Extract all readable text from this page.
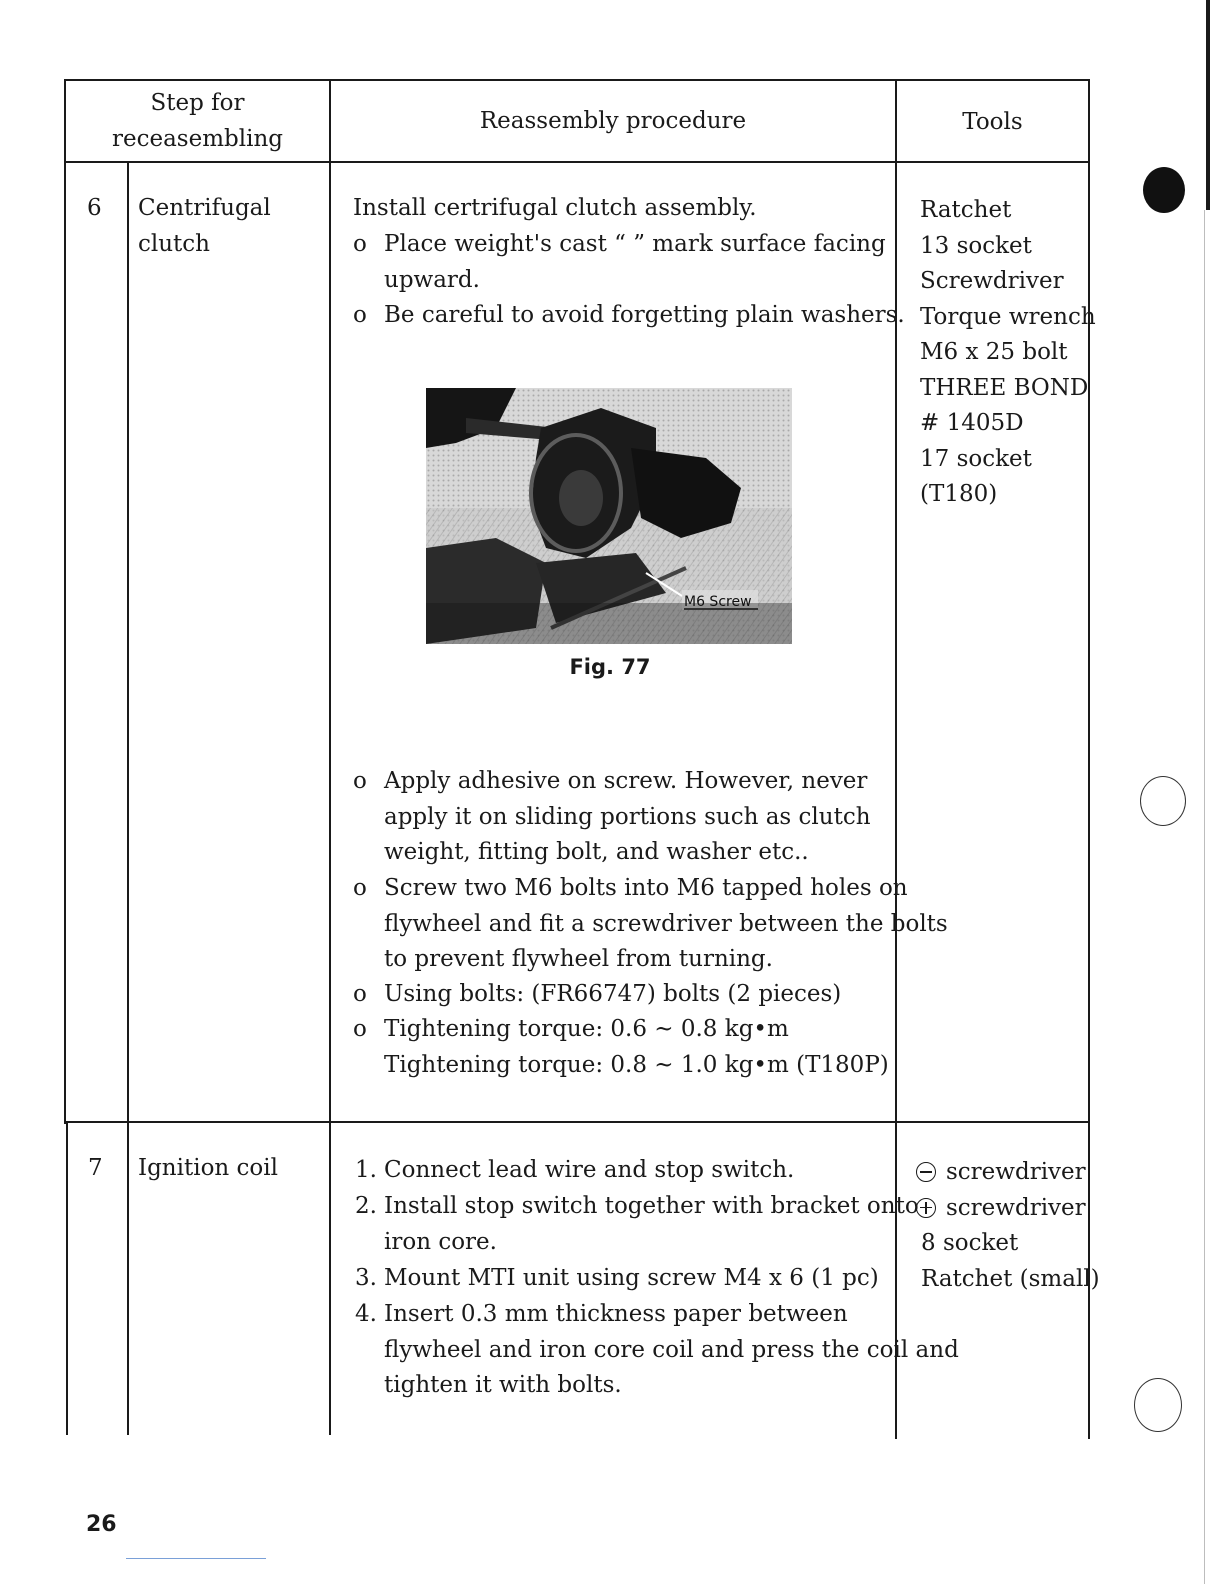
Step for
receasembling
Reassembly procedure	Tools
6 Centrifugal
clutch
Install certrifugal clutch assembly.
o Place weight's cast “ ” mark surface facing
upward.
o Be careful to avoid forgetting plain washers.
M6 Screw
Fig. 77
o Apply adhesive on screw. However, never
apply it on sliding portions such as clutch
weight, fitting bolt, and washer etc..
o Screw two M6 bolts into M6 tapped holes on
flywheel and fit a screwdriver between the bolts
to prevent flywheel from turning.
o Using bolts: (FR66747) bolts (2 pieces)
o Tightening torque: 0.6 ~ 0.8 kg•m
Tightening torque: 0.8 ~ 1.0 kg•m (T180P)
Ratchet
13 socket
Screwdriver
Torque wrench
M6 x 25 bolt
THREE BOND
# 1405D
17 socket
(T180)
7 Ignition coil	1. Connect lead wire and stop switch.
2. Install stop switch together with bracket onto
iron core.
3. Mount MTI unit using screw M4 x 6 (1 pc)
4. Insert 0.3 mm thickness paper between
flywheel and iron core coil and press the coil and
tighten it with bolts.
screwdriver
screwdriver
8 socket
Ratchet (small)
26
